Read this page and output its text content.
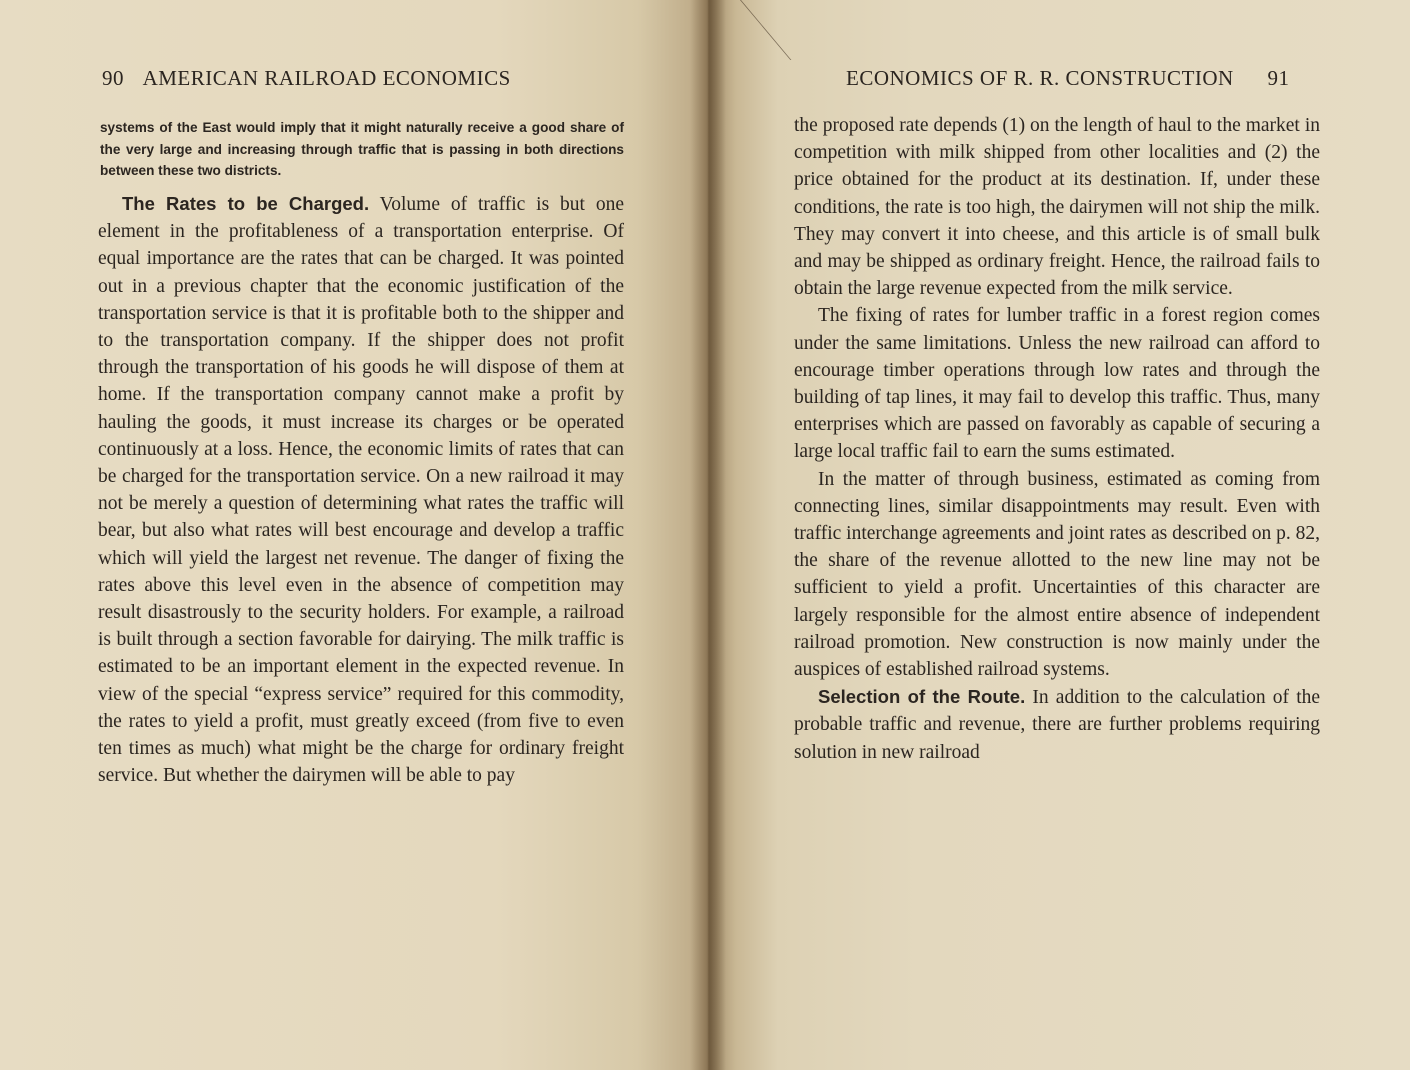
90 AMERICAN RAILROAD ECONOMICS

systems of the East would imply that it might naturally receive a good share of the very large and increasing through traffic that is passing in both directions between these two districts.

The Rates to be Charged. Volume of traffic is but one element in the profitableness of a transportation enterprise. Of equal importance are the rates that can be charged. It was pointed out in a previous chapter that the economic justification of the transportation service is that it is profitable both to the shipper and to the transportation company. If the shipper does not profit through the transportation of his goods he will dispose of them at home. If the transportation company cannot make a profit by hauling the goods, it must increase its charges or be operated continuously at a loss. Hence, the economic limits of rates that can be charged for the transportation service. On a new railroad it may not be merely a question of determining what rates the traffic will bear, but also what rates will best encourage and develop a traffic which will yield the largest net revenue. The danger of fixing the rates above this level even in the absence of competition may result disastrously to the security holders. For example, a railroad is built through a section favorable for dairying. The milk traffic is estimated to be an important element in the expected revenue. In view of the special “express service” required for this commodity, the rates to yield a profit, must greatly exceed (from five to even ten times as much) what might be the charge for ordinary freight service. But whether the dairymen will be able to pay

ECONOMICS OF R. R. CONSTRUCTION 91

the proposed rate depends (1) on the length of haul to the market in competition with milk shipped from other localities and (2) the price obtained for the product at its destination. If, under these conditions, the rate is too high, the dairymen will not ship the milk. They may convert it into cheese, and this article is of small bulk and may be shipped as ordinary freight. Hence, the railroad fails to obtain the large revenue expected from the milk service.

The fixing of rates for lumber traffic in a forest region comes under the same limitations. Unless the new railroad can afford to encourage timber operations through low rates and through the building of tap lines, it may fail to develop this traffic. Thus, many enterprises which are passed on favorably as capable of securing a large local traffic fail to earn the sums estimated.

In the matter of through business, estimated as coming from connecting lines, similar disappointments may result. Even with traffic interchange agreements and joint rates as described on p. 82, the share of the revenue allotted to the new line may not be sufficient to yield a profit. Uncertainties of this character are largely responsible for the almost entire absence of independent railroad promotion. New construction is now mainly under the auspices of established railroad systems.

Selection of the Route. In addition to the calculation of the probable traffic and revenue, there are further problems requiring solution in new railroad
